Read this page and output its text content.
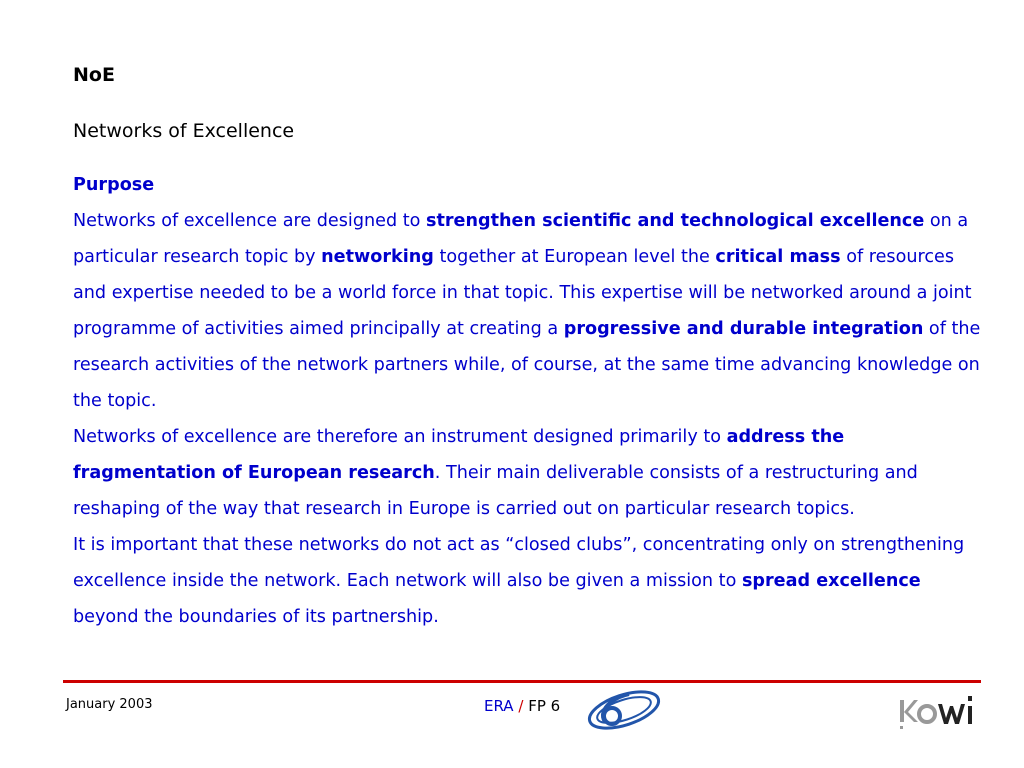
NoE
Networks of Excellence
Purpose
Networks of excellence are designed to strengthen scientific and technological excellence on a particular research topic by networking together at European level the critical mass of resources and expertise needed to be a world force in that topic. This expertise will be networked around a joint programme of activities aimed principally at creating a progressive and durable integration of the research activities of the network partners while, of course, at the same time advancing knowledge on the topic.
Networks of excellence are therefore an instrument designed primarily to address the fragmentation of European research. Their main deliverable consists of a restructuring and reshaping of the way that research in Europe is carried out on particular research topics.
It is important that these networks do not act as “closed clubs”, concentrating only on strengthening excellence inside the network. Each network will also be given a mission to spread excellence beyond the boundaries of its partnership.
January 2003	ERA / FP 6
